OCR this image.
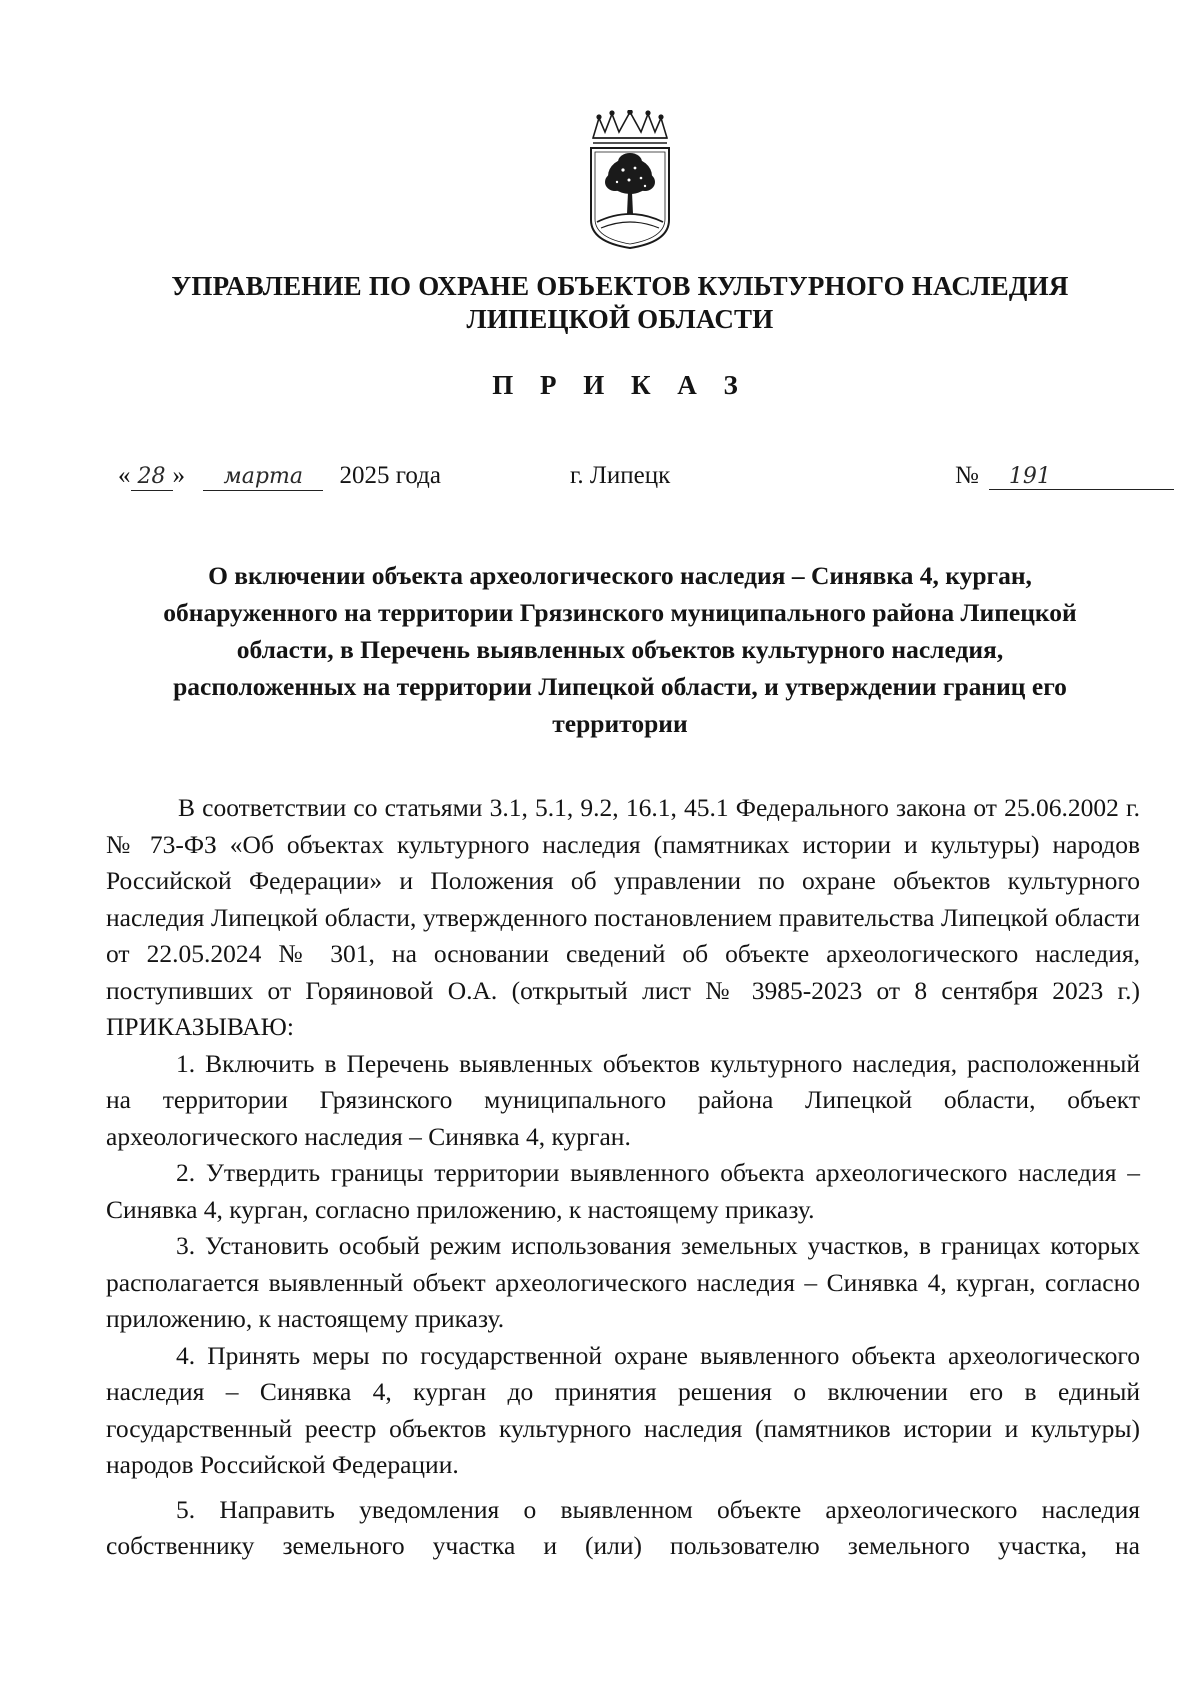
УПРАВЛЕНИЕ ПО ОХРАНЕ ОБЪЕКТОВ КУЛЬТУРНОГО НАСЛЕДИЯ
ЛИПЕЦКОЙ ОБЛАСТИ
П Р И К А З
« 28 » марта 2025 года	г. Липецк	№ 191
О включении объекта археологического наследия – Синявка 4, курган,
обнаруженного на территории Грязинского муниципального района Липецкой
области, в Перечень выявленных объектов культурного наследия,
расположенных на территории Липецкой области, и утверждении границ его
территории

В соответствии со статьями 3.1, 5.1, 9.2, 16.1, 45.1 Федерального закона от 25.06.2002 г. № 73-ФЗ «Об объектах культурного наследия (памятниках истории и культуры) народов Российской Федерации» и Положения об управлении по охране объектов культурного наследия Липецкой области, утвержденного постановлением правительства Липецкой области от 22.05.2024 № 301, на основании сведений об объекте археологического наследия, поступивших от Горяиновой О.А. (открытый лист № 3985-2023 от 8 сентября 2023 г.) ПРИКАЗЫВАЮ:

1. Включить в Перечень выявленных объектов культурного наследия, расположенный на территории Грязинского муниципального района Липецкой области, объект археологического наследия – Синявка 4, курган.

2. Утвердить границы территории выявленного объекта археологического наследия – Синявка 4, курган, согласно приложению, к настоящему приказу.

3. Установить особый режим использования земельных участков, в границах которых располагается выявленный объект археологического наследия – Синявка 4, курган, согласно приложению, к настоящему приказу.

4. Принять меры по государственной охране выявленного объекта археологического наследия – Синявка 4, курган до принятия решения о включении его в единый государственный реестр объектов культурного наследия (памятников истории и культуры) народов Российской Федерации.

5. Направить уведомления о выявленном объекте археологического наследия собственнику земельного участка и (или) пользователю земельного участка, на
